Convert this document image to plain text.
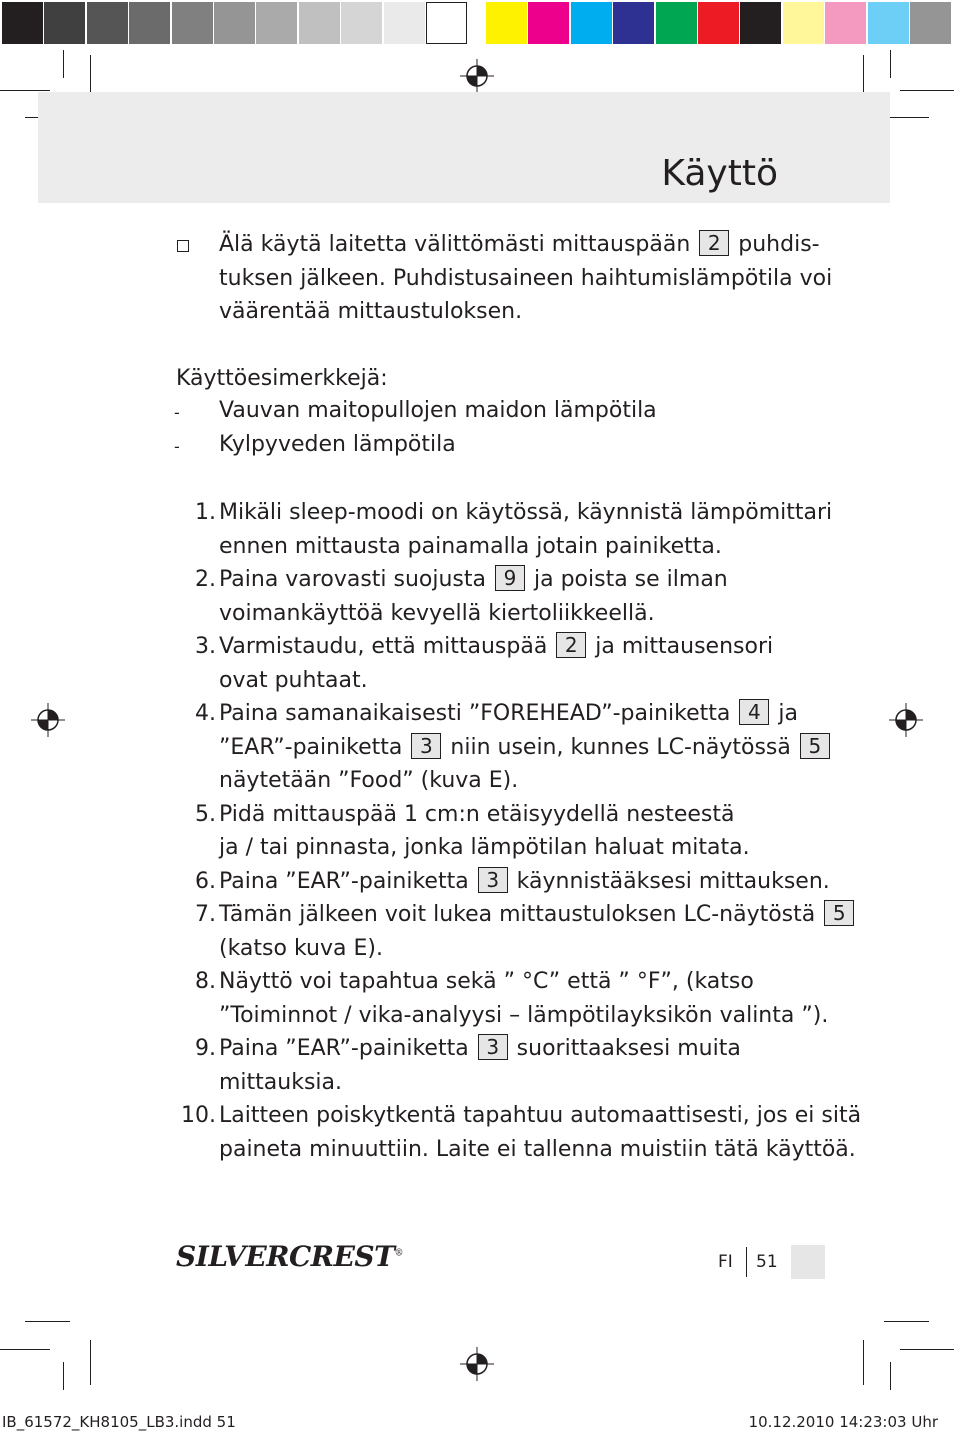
Käyttö
Älä käytä laitetta välittömästi mittauspään 2 puhdis-
tuksen jälkeen. Puhdistusaineen haihtumislämpötila voi
väärentää mittaustuloksen.
Käyttöesimerkkejä:
- Vauvan maitopullojen maidon lämpötila
- Kylpyveden lämpötila
1. Mikäli sleep-moodi on käytössä, käynnistä lämpömittari
ennen mittausta painamalla jotain painiketta.
2. Paina varovasti suojusta 9 ja poista se ilman
voimankäyttöä kevyellä kiertoliikkeellä.
3. Varmistaudu, että mittauspää 2 ja mittausensori
ovat puhtaat.
4. Paina samanaikaisesti ”FOREHEAD”-painiketta 4 ja
”EAR”-painiketta 3 niin usein, kunnes LC-näytössä 5
näytetään ”Food” (kuva E).
5. Pidä mittauspää 1 cm:n etäisyydellä nesteestä
ja / tai pinnasta, jonka lämpötilan haluat mitata.
6. Paina ”EAR”-painiketta 3 käynnistääksesi mittauksen.
7. Tämän jälkeen voit lukea mittaustuloksen LC-näytöstä 5
(katso kuva E).
8. Näyttö voi tapahtua sekä ” °C” että ” °F”, (katso
”Toiminnot / vika-analyysi – lämpötilayksikön valinta ”).
9. Paina ”EAR”-painiketta 3 suorittaaksesi muita
mittauksia.
10. Laitteen poiskytkentä tapahtuu automaattisesti, jos ei sitä
paineta minuuttiin. Laite ei tallenna muistiin tätä käyttöä.
SILVERCREST®	FI 51
IB_61572_KH8105_LB3.indd 51	10.12.2010 14:23:03 Uhr
